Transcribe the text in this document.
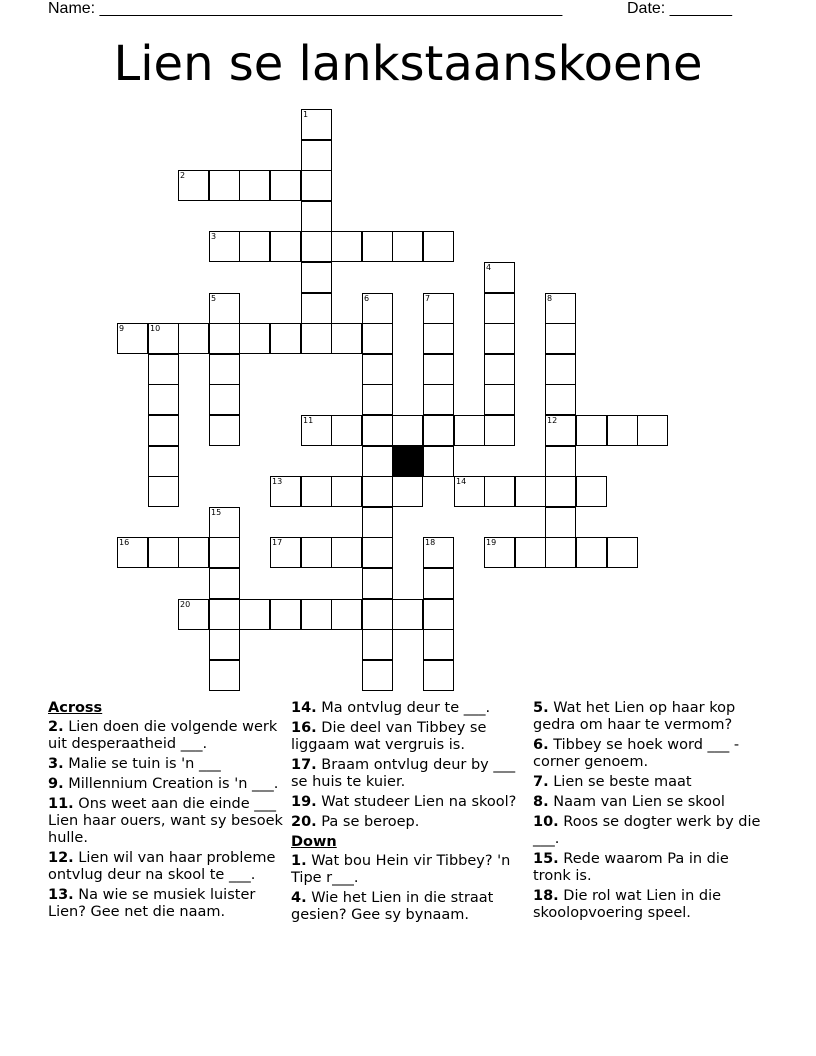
Name: ____________________________________________________	Date: _______
Lien se lankstaanskoene
1
2
3
4
5	6	7	8
9	10
11	12
13	14
15
16	17	18	19
20
Across
2. Lien doen die volgende werk uit desperaatheid ___.
3. Malie se tuin is 'n ___
9. Millennium Creation is 'n ___.
11. Ons weet aan die einde ___ Lien haar ouers, want sy besoek hulle.
12. Lien wil van haar probleme ontvlug deur na skool te ___.
13. Na wie se musiek luister Lien? Gee net die naam.
14. Ma ontvlug deur te ___.
16. Die deel van Tibbey se liggaam wat vergruis is.
17. Braam ontvlug deur by ___ se huis te kuier.
19. Wat studeer Lien na skool?
20. Pa se beroep.
Down
1. Wat bou Hein vir Tibbey? 'n Tipe r___.
4. Wie het Lien in die straat gesien? Gee sy bynaam.
5. Wat het Lien op haar kop gedra om haar te vermom?
6. Tibbey se hoek word ___ - corner genoem.
7. Lien se beste maat
8. Naam van Lien se skool
10. Roos se dogter werk by die ___.
15. Rede waarom Pa in die tronk is.
18. Die rol wat Lien in die skoolopvoering speel.
